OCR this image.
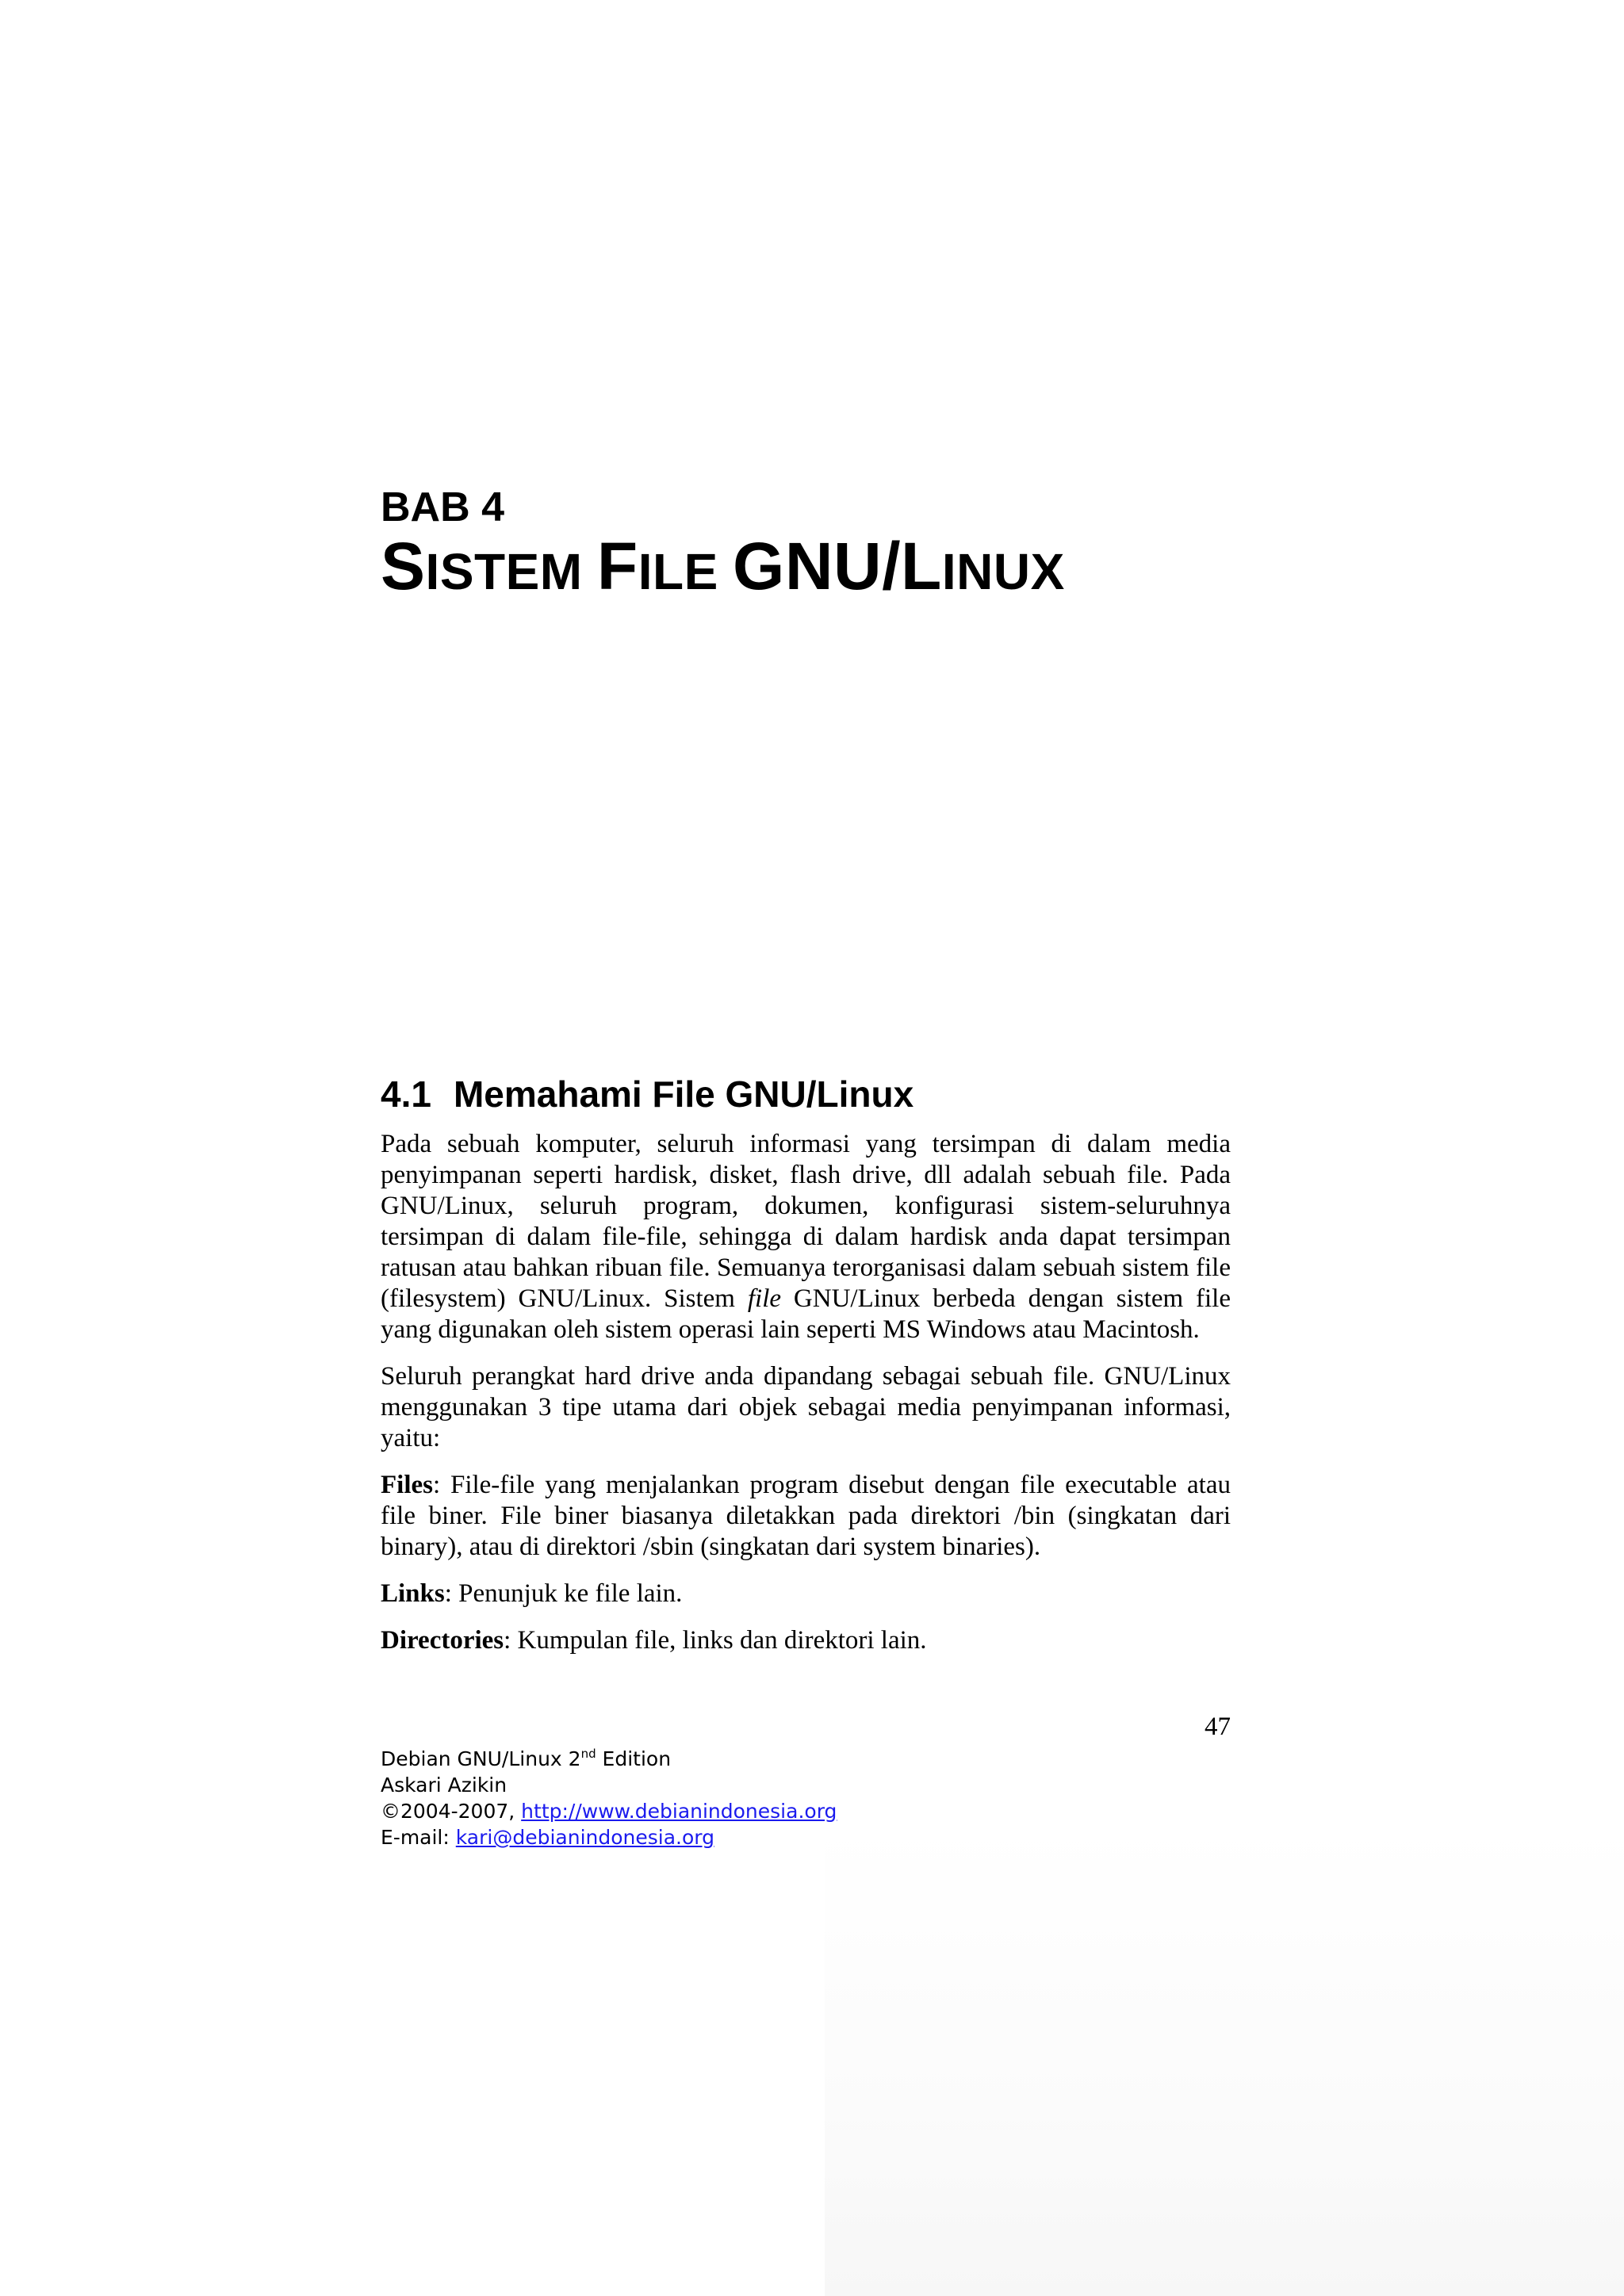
BAB 4

SISTEM FILE GNU/LINUX

4.1 Memahami File GNU/Linux

Pada sebuah komputer, seluruh informasi yang tersimpan di dalam media penyimpanan seperti hardisk, disket, flash drive, dll adalah sebuah file. Pada GNU/Linux, seluruh program, dokumen, konfigurasi sistem-seluruhnya tersimpan di dalam file-file, sehingga di dalam hardisk anda dapat tersimpan ratusan atau bahkan ribuan file. Semuanya terorganisasi dalam sebuah sistem file (filesystem) GNU/Linux. Sistem file GNU/Linux berbeda dengan sistem file yang digunakan oleh sistem operasi lain seperti MS Windows atau Macintosh.

Seluruh perangkat hard drive anda dipandang sebagai sebuah file. GNU/Linux menggunakan 3 tipe utama dari objek sebagai media penyimpanan informasi, yaitu:

Files: File-file yang menjalankan program disebut dengan file executable atau file biner. File biner biasanya diletakkan pada direktori /bin (singkatan dari binary), atau di direktori /sbin (singkatan dari system binaries).

Links: Penunjuk ke file lain.

Directories: Kumpulan file, links dan direktori lain.

47
Debian GNU/Linux 2nd Edition
Askari Azikin
©2004-2007, http://www.debianindonesia.org
E-mail: kari@debianindonesia.org
